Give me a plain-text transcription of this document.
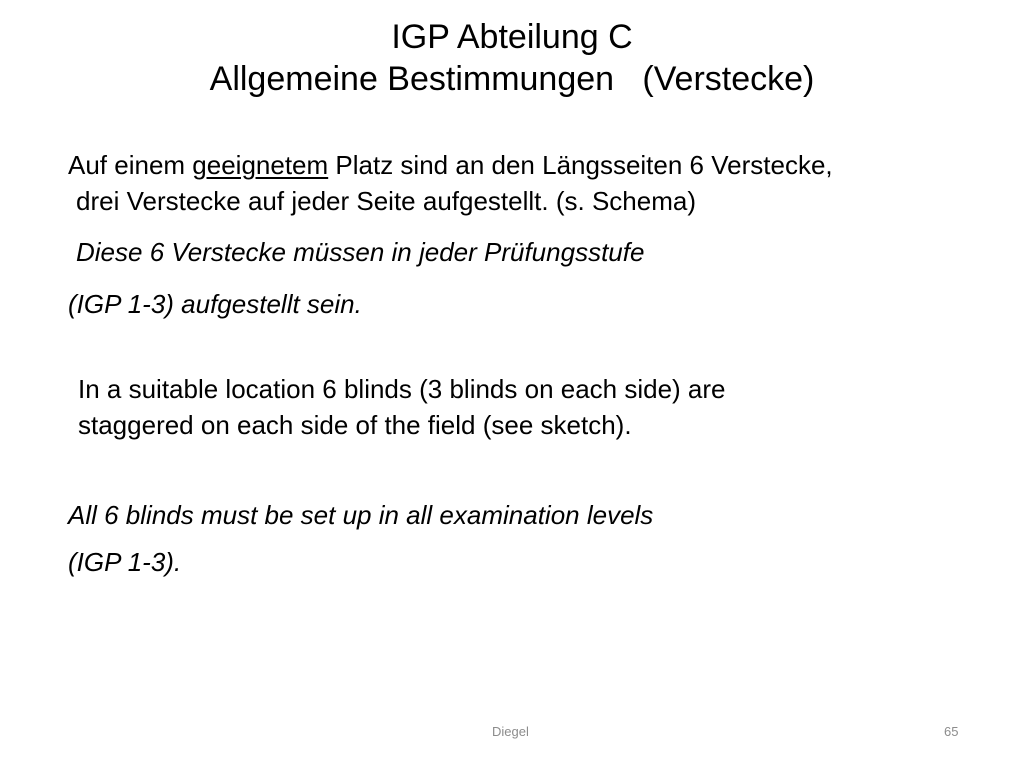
IGP Abteilung C
Allgemeine Bestimmungen   (Verstecke)
Auf einem geeignetem Platz sind an den Längsseiten 6 Verstecke,
drei Verstecke auf jeder Seite aufgestellt. (s. Schema)
Diese 6 Verstecke müssen in jeder Prüfungsstufe
(IGP 1-3) aufgestellt sein.
In a suitable location 6 blinds (3 blinds on each side) are
staggered on each side of the field (see sketch).
All 6 blinds must be set up in all examination levels
(IGP 1-3).
Diegel	65
